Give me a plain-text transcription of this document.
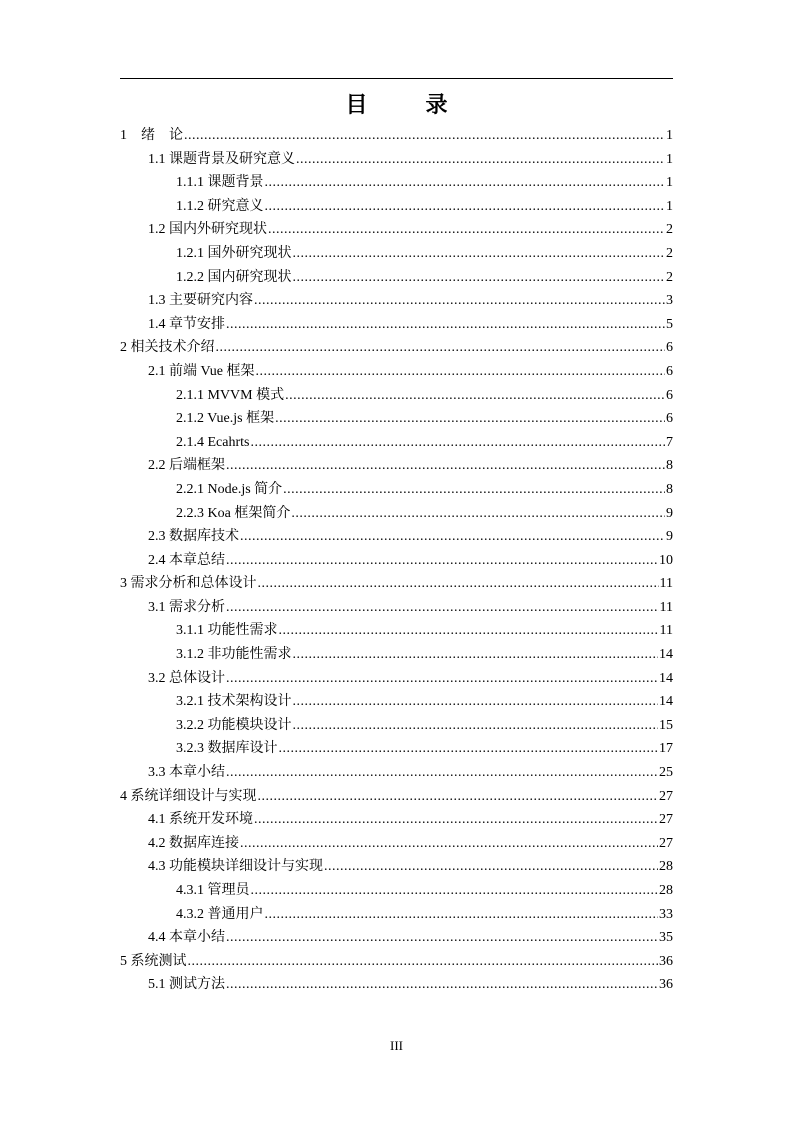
目　录
1　绪　论 .....	1
1.1 课题背景及研究意义 .....	1
1.1.1 课题背景 .....	1
1.1.2 研究意义 .....	1
1.2 国内外研究现状 .....	2
1.2.1 国外研究现状 .....	2
1.2.2 国内研究现状 .....	2
1.3 主要研究内容 .....	3
1.4 章节安排 .....	5
2 相关技术介绍 .....	6
2.1 前端 Vue 框架 .....	6
2.1.1 MVVM 模式 .....	6
2.1.2 Vue.js 框架 .....	6
2.1.4 Ecahrts .....	7
2.2 后端框架 .....	8
2.2.1 Node.js 简介 .....	8
2.2.3 Koa 框架简介 .....	9
2.3 数据库技术 .....	9
2.4 本章总结 .....	10
3 需求分析和总体设计 .....	11
3.1 需求分析 .....	11
3.1.1 功能性需求 .....	11
3.1.2 非功能性需求 .....	14
3.2 总体设计 .....	14
3.2.1 技术架构设计 .....	14
3.2.2 功能模块设计 .....	15
3.2.3 数据库设计 .....	17
3.3 本章小结 .....	25
4 系统详细设计与实现 .....	27
4.1 系统开发环境 .....	27
4.2 数据库连接 .....	27
4.3 功能模块详细设计与实现 .....	28
4.3.1 管理员 .....	28
4.3.2 普通用户 .....	33
4.4 本章小结 .....	35
5 系统测试 .....	36
5.1 测试方法 .....	36
III
